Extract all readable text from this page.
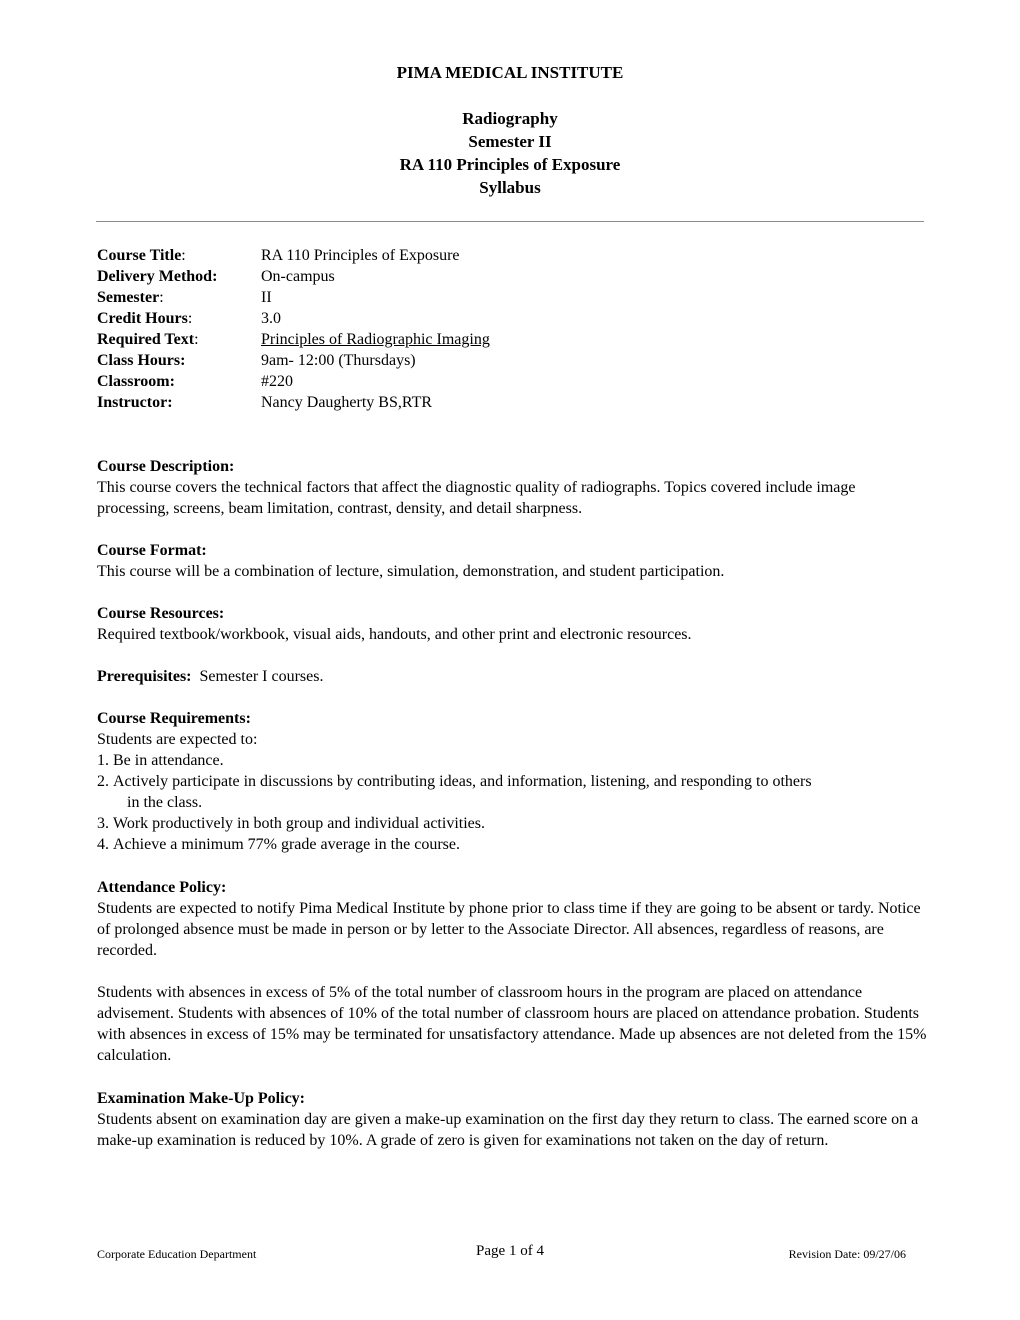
PIMA MEDICAL INSTITUTE
Radiography
Semester II
RA 110 Principles of Exposure
Syllabus
Course Title:	RA 110 Principles of Exposure
Delivery Method:	On-campus
Semester:	II
Credit Hours:	3.0
Required Text:	Principles of Radiographic Imaging
Class Hours:	9am- 12:00 (Thursdays)
Classroom:	#220
Instructor:	Nancy Daugherty BS,RTR
Course Description:

This course covers the technical factors that affect the diagnostic quality of radiographs. Topics covered include image processing, screens, beam limitation, contrast, density, and detail sharpness.

Course Format:

This course will be a combination of lecture, simulation, demonstration, and student participation.

Course Resources:

Required textbook/workbook, visual aids, handouts, and other print and electronic resources.

Prerequisites: Semester I courses.
Course Requirements:

Students are expected to:

1. Be in attendance.
2. Actively participate in discussions by contributing ideas, and information, listening, and responding to others
in the class.
3. Work productively in both group and individual activities.
4. Achieve a minimum 77% grade average in the course.
Attendance Policy:

Students are expected to notify Pima Medical Institute by phone prior to class time if they are going to be absent or tardy. Notice of prolonged absence must be made in person or by letter to the Associate Director. All absences, regardless of reasons, are recorded.

Students with absences in excess of 5% of the total number of classroom hours in the program are placed on attendance advisement. Students with absences of 10% of the total number of classroom hours are placed on attendance probation. Students with absences in excess of 15% may be terminated for unsatisfactory attendance. Made up absences are not deleted from the 15% calculation.

Examination Make-Up Policy:

Students absent on examination day are given a make-up examination on the first day they return to class. The earned score on a make-up examination is reduced by 10%. A grade of zero is given for examinations not taken on the day of return.

Corporate Education Department	Page 1 of 4	Revision Date: 09/27/06
